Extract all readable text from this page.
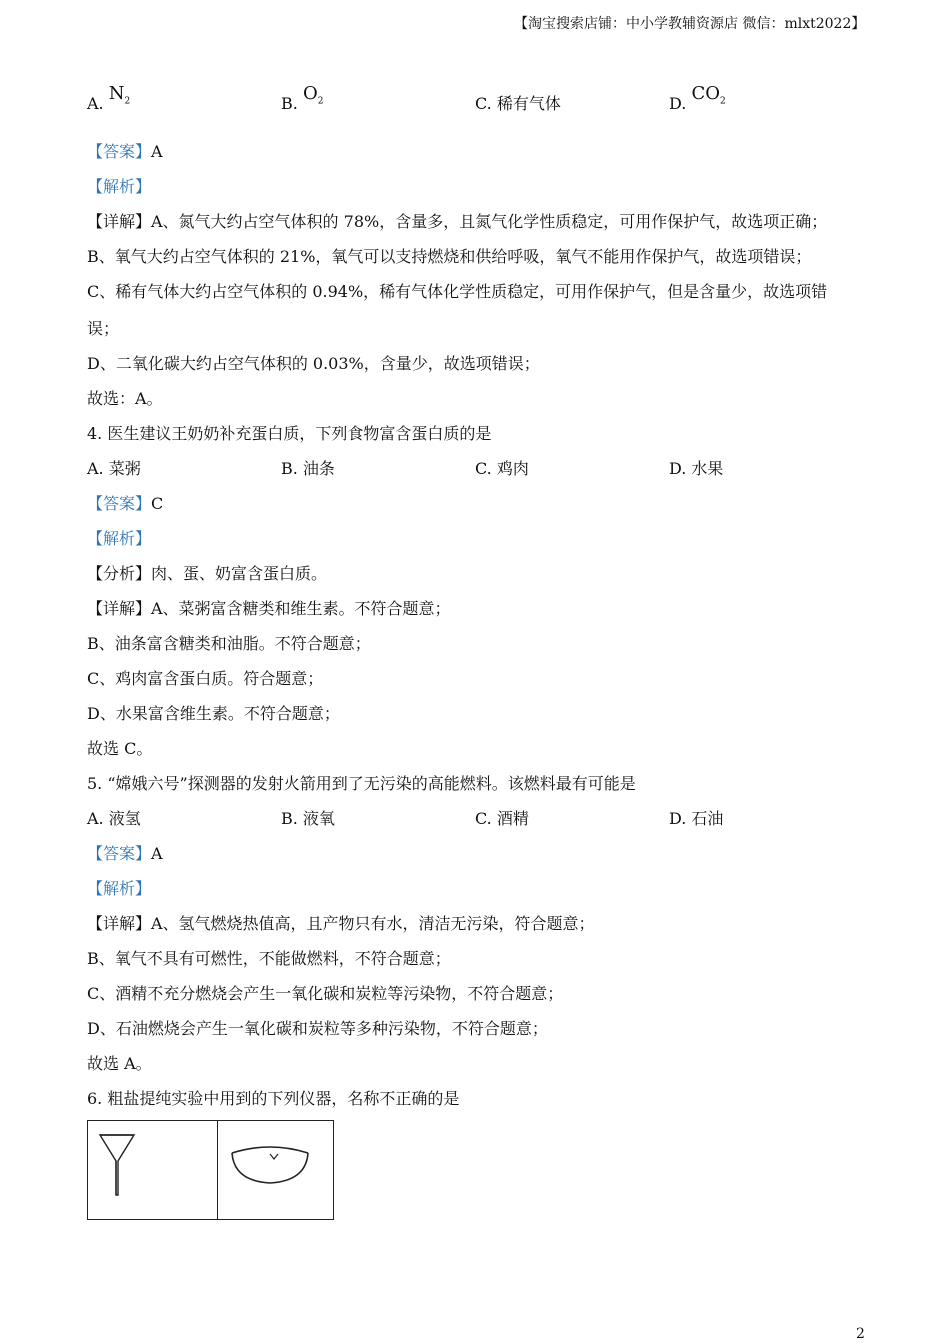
【淘宝搜索店铺：中小学教辅资源店 微信：mlxt2022】
A. $N_2$	B. $O_2$	C. 稀有气体	D. $CO_2$
【答案】A
【解析】
【详解】A、氮气大约占空气体积的 78%，含量多，且氮气化学性质稳定，可用作保护气，故选项正确；
B、氧气大约占空气体积的 21%，氧气可以支持燃烧和供给呼吸，氧气不能用作保护气，故选项错误；
C、稀有气体大约占空气体积的 0.94%，稀有气体化学性质稳定，可用作保护气，但是含量少，故选项错
误；
D、二氧化碳大约占空气体积的 0.03%，含量少，故选项错误；
故选：A。
4. 医生建议王奶奶补充蛋白质，下列食物富含蛋白质的是
A. 菜粥	B. 油条	C. 鸡肉	D. 水果
【答案】C
【解析】
【分析】肉、蛋、奶富含蛋白质。
【详解】A、菜粥富含糖类和维生素。不符合题意；
B、油条富含糖类和油脂。不符合题意；
C、鸡肉富含蛋白质。符合题意；
D、水果富含维生素。不符合题意；
故选 C。
5. “嫦娥六号”探测器的发射火箭用到了无污染的高能燃料。该燃料最有可能是
A. 液氢	B. 液氧	C. 酒精	D. 石油
【答案】A
【解析】
【详解】A、氢气燃烧热值高，且产物只有水，清洁无污染，符合题意；
B、氧气不具有可燃性，不能做燃料，不符合题意；
C、酒精不充分燃烧会产生一氧化碳和炭粒等污染物，不符合题意；
D、石油燃烧会产生一氧化碳和炭粒等多种污染物，不符合题意；
故选 A。
6. 粗盐提纯实验中用到的下列仪器，名称不正确的是
2
